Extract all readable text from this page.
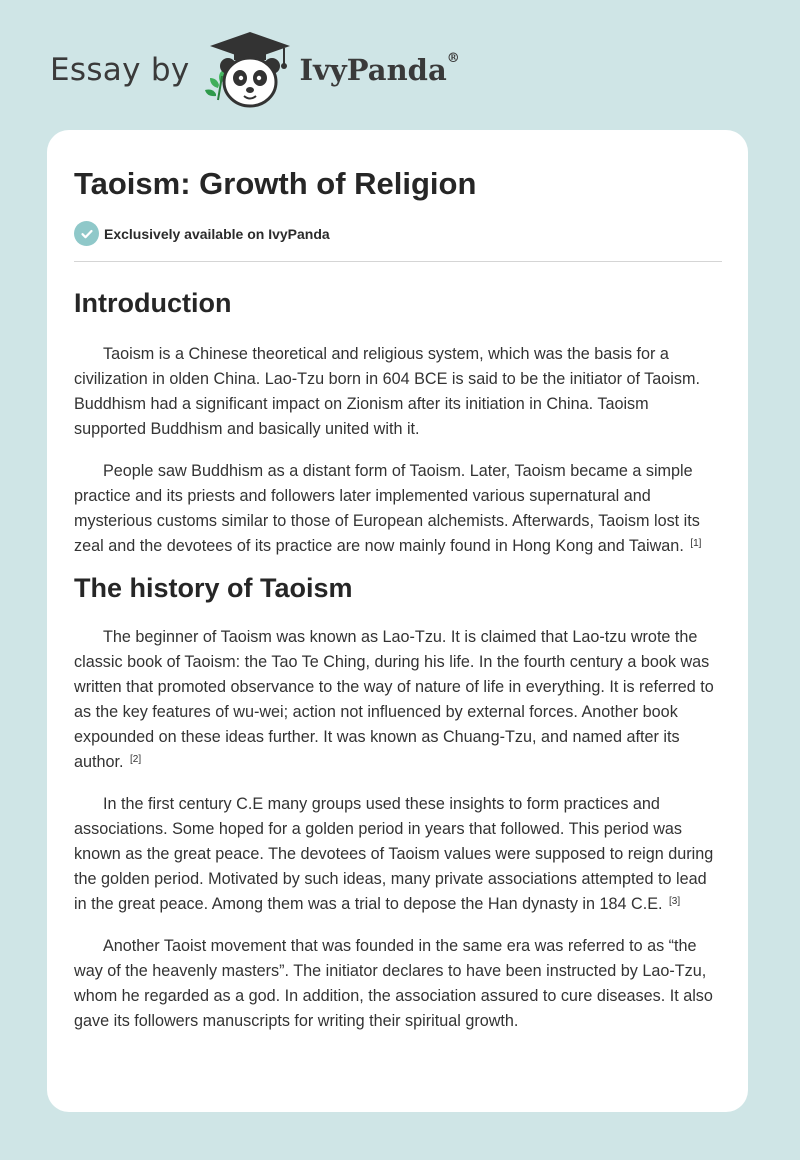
Essay by	IvyPanda®
Taoism: Growth of Religion
Exclusively available on IvyPanda
Introduction

Taoism is a Chinese theoretical and religious system, which was the basis for a civilization in olden China. Lao-Tzu born in 604 BCE is said to be the initiator of Taoism. Buddhism had a significant impact on Zionism after its initiation in China. Taoism supported Buddhism and basically united with it.

People saw Buddhism as a distant form of Taoism. Later, Taoism became a simple practice and its priests and followers later implemented various supernatural and mysterious customs similar to those of European alchemists. Afterwards, Taoism lost its zeal and the devotees of its practice are now mainly found in Hong Kong and Taiwan. [1]

The history of Taoism

The beginner of Taoism was known as Lao-Tzu. It is claimed that Lao-tzu wrote the classic book of Taoism: the Tao Te Ching, during his life. In the fourth century a book was written that promoted observance to the way of nature of life in everything. It is referred to as the key features of wu-wei; action not influenced by external forces. Another book expounded on these ideas further. It was known as Chuang-Tzu, and named after its author. [2]

In the first century C.E many groups used these insights to form practices and associations. Some hoped for a golden period in years that followed. This period was known as the great peace. The devotees of Taoism values were supposed to reign during the golden period. Motivated by such ideas, many private associations attempted to lead in the great peace. Among them was a trial to depose the Han dynasty in 184 C.E. [3]

Another Taoist movement that was founded in the same era was referred to as “the way of the heavenly masters”. The initiator declares to have been instructed by Lao-Tzu, whom he regarded as a god. In addition, the association assured to cure diseases. It also gave its followers manuscripts for writing their spiritual growth.
